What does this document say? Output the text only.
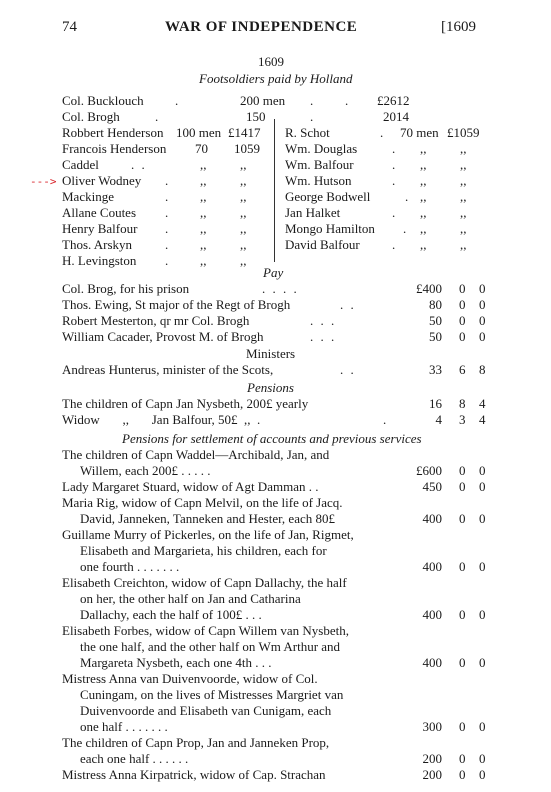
74	WAR OF INDEPENDENCE	[1609
1609
Footsoldiers paid by Holland
Col. Bucklouch .	200 men . . £2612
Col. Brogh	.	150	.	2014
Robbert Henderson 100 men £1417
Francois Henderson 70 1059
Caddel . .	,,	,,
---> Oliver Wodney . ,,	,,
Mackinge	. ,,	,,
Allane Coutes . ,,	,,
Henry Balfour . ,,	,,
Thos. Arskyn	. ,,	,,
H. Levingston . ,,	,,
R. Schot	. 70 men £1059
Wm. Douglas	. ,,	,,
Wm. Balfour	. ,,	,,
Wm. Hutson	. ,,	,,
George Bodwell	. ,,	,,
Jan Halket	. ,,	,,
Mongo Hamilton . ,,	,,
David Balfour . ,,	,,
Pay
Col. Brog, for his prison	. . . .	£400 0 0
Thos. Ewing, St major of the Regt of Brogh	. .	80 0 0
Robert Mesterton, qr mr Col. Brogh	. . .	50 0 0
William Cacader, Provost M. of Brogh	. . .	50 0 0
Ministers
Andreas Hunterus, minister of the Scots,	. .	33 6 8
Pensions
The children of Capn Jan Nysbeth, 200£ yearly	16 8 4
Widow       ,,       Jan Balfour, 50£  ,,  .	.	4 3 4
Pensions for settlement of accounts and previous services
The children of Capn Waddel—Archibald, Jan, and
Willem, each 200£ . . . . .	£600 0 0
Lady Margaret Stuard, widow of Agt Damman . .	450 0 0
Maria Rig, widow of Capn Melvil, on the life of Jacq.
David, Janneken, Tanneken and Hester, each 80£	400 0 0
Guillame Murry of Pickerles, on the life of Jan, Rigmet,
Elisabeth and Margarieta, his children, each for
one fourth . . . . . . .	400 0 0
Elisabeth Creichton, widow of Capn Dallachy, the half
on her, the other half on Jan and Catharina
Dallachy, each the half of 100£ . . .	400 0 0
Elisabeth Forbes, widow of Capn Willem van Nysbeth,
the one half, and the other half on Wm Arthur and
Margareta Nysbeth, each one 4th . . .	400 0 0
Mistress Anna van Duivenvoorde, widow of Col.
Cuningam, on the lives of Mistresses Margriet van
Duivenvoorde and Elisabeth van Cunigam, each
one half . . . . . . .	300 0 0
The children of Capn Prop, Jan and Janneken Prop,
each one half . . . . . .	200 0 0
Mistress Anna Kirpatrick, widow of Cap. Strachan	200 0 0
